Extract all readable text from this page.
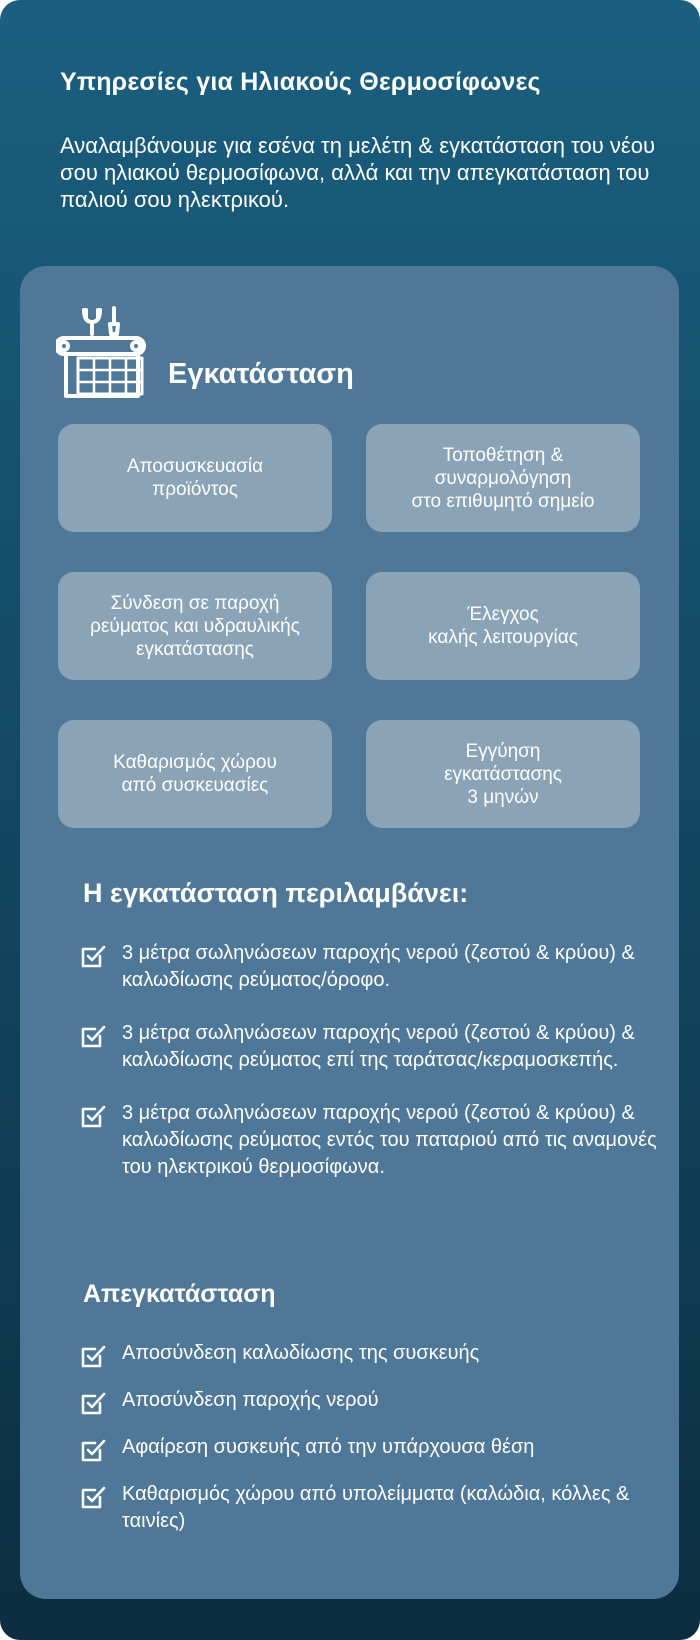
Υπηρεσίες για Ηλιακούς Θερμοσίφωνες

Αναλαμβάνουμε για εσένα τη μελέτη & εγκατάσταση του νέου σου ηλιακού θερμοσίφωνα, αλλά και την απεγκατάσταση του παλιού σου ηλεκτρικού.

Εγκατάσταση
Αποσυσκευασία
προϊόντος
Τοποθέτηση &
συναρμολόγηση
στο επιθυμητό σημείο
Σύνδεση σε παροχή
ρεύματος και υδραυλικής
εγκατάστασης
Έλεγχος
καλής λειτουργίας
Καθαρισμός χώρου
από συσκευασίες
Εγγύηση
εγκατάστασης
3 μηνών
Η εγκατάσταση περιλαμβάνει:
3 μέτρα σωληνώσεων παροχής νερού (ζεστού & κρύου) & καλωδίωσης ρεύματος/όροφο.
3 μέτρα σωληνώσεων παροχής νερού (ζεστού & κρύου) & καλωδίωσης ρεύματος επί της ταράτσας/κεραμοσκεπής.
3 μέτρα σωληνώσεων παροχής νερού (ζεστού & κρύου) & καλωδίωσης ρεύματος εντός του παταριού από τις αναμονές του ηλεκτρικού θερμοσίφωνα.
Απεγκατάσταση
Αποσύνδεση καλωδίωσης της συσκευής
Αποσύνδεση παροχής νερού
Αφαίρεση συσκευής από την υπάρχουσα θέση
Καθαρισμός χώρου από υπολείμματα (καλώδια, κόλλες & ταινίες)
